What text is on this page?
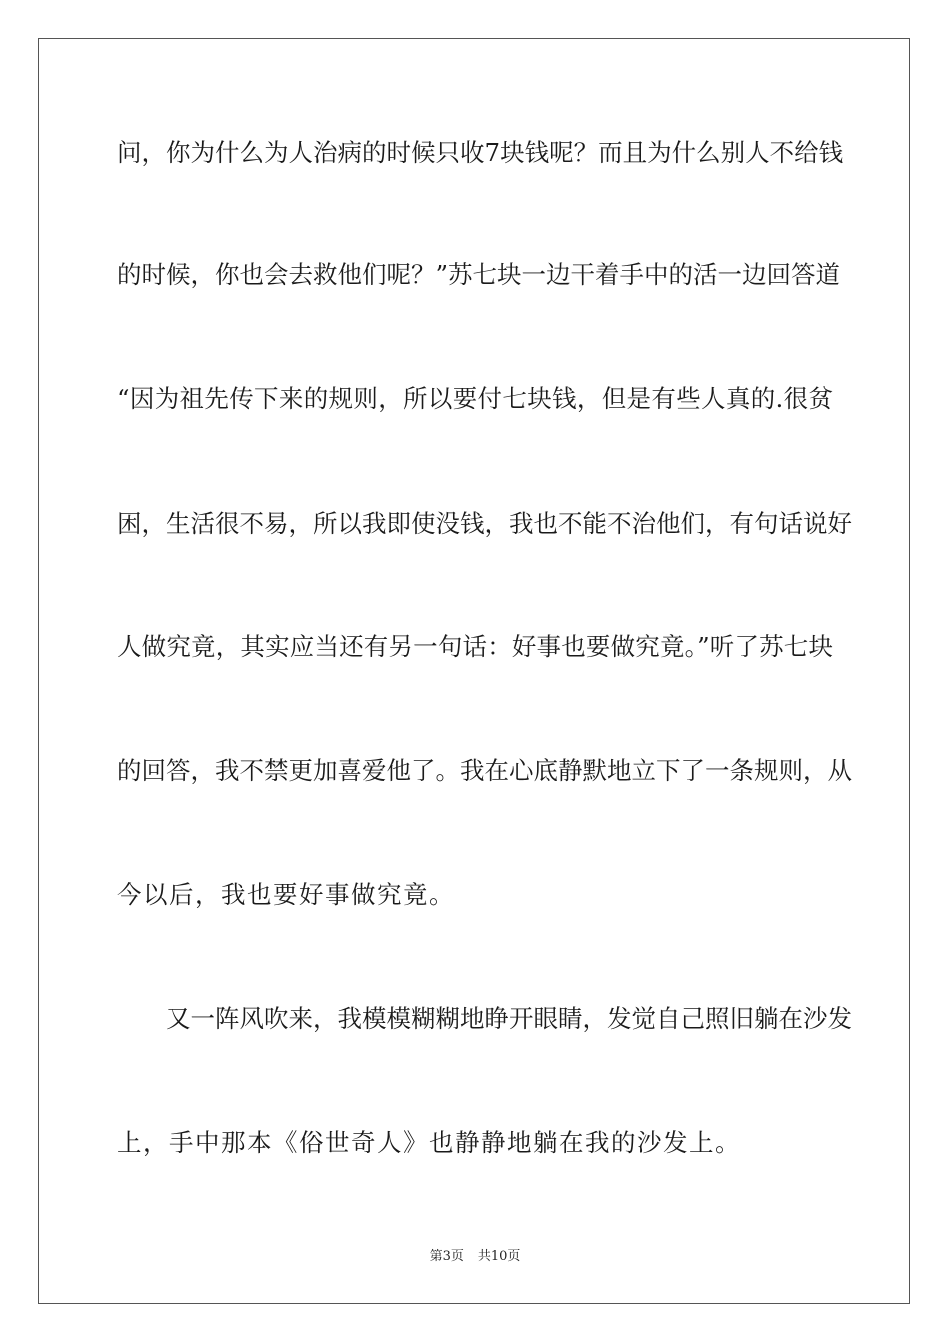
问，你为什么为人治病的时候只收7块钱呢？而且为什么别人不给钱
的时候，你也会去救他们呢？”苏七块一边干着手中的活一边回答道
“因为祖先传下来的规则，所以要付七块钱，但是有些人真的.很贫
困，生活很不易，所以我即使没钱，我也不能不治他们，有句话说好
人做究竟，其实应当还有另一句话：好事也要做究竟。”听了苏七块
的回答，我不禁更加喜爱他了。我在心底静默地立下了一条规则，从
今以后，我也要好事做究竟。
又一阵风吹来，我模模糊糊地睁开眼睛，发觉自己照旧躺在沙发
上，手中那本《俗世奇人》也静静地躺在我的沙发上。
第3页 共10页
